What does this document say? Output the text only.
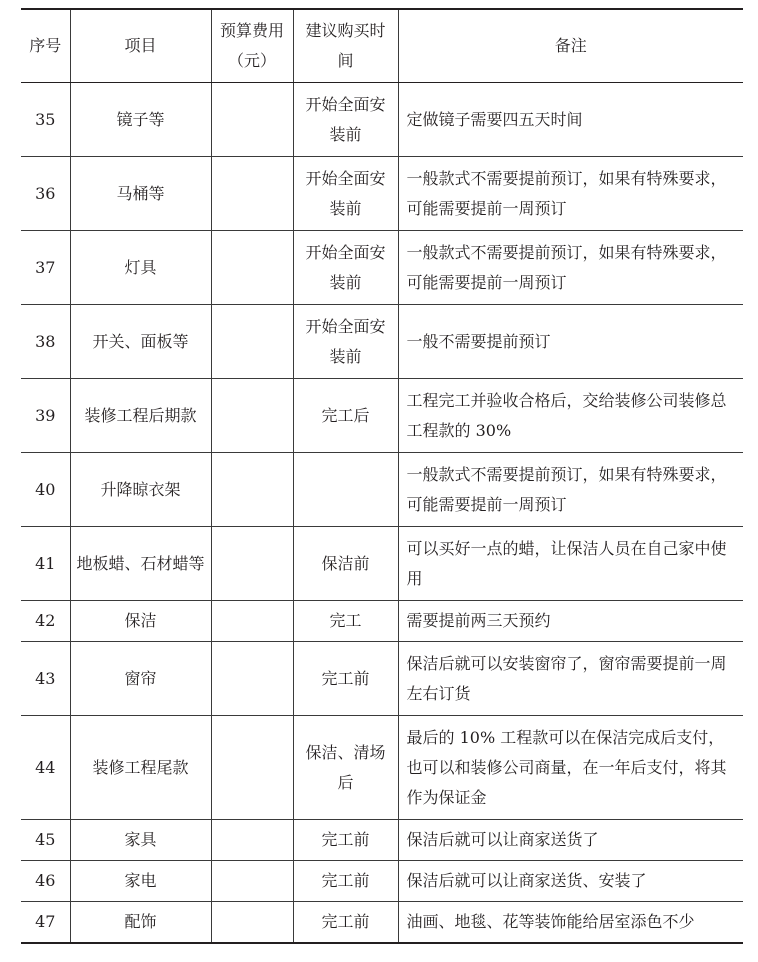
序号	项目	预算费用（元）	建议购买时间	备注
35	镜子等		开始全面安装前	定做镜子需要四五天时间
36	马桶等		开始全面安装前	一般款式不需要提前预订，如果有特殊要求，可能需要提前一周预订
37	灯具		开始全面安装前	一般款式不需要提前预订，如果有特殊要求，可能需要提前一周预订
38	开关、面板等		开始全面安装前	一般不需要提前预订
39	装修工程后期款		完工后	工程完工并验收合格后，交给装修公司装修总工程款的 30%
40	升降晾衣架			一般款式不需要提前预订，如果有特殊要求，可能需要提前一周预订
41	地板蜡、石材蜡等		保洁前	可以买好一点的蜡，让保洁人员在自己家中使用
42	保洁		完工	需要提前两三天预约
43	窗帘		完工前	保洁后就可以安装窗帘了，窗帘需要提前一周左右订货
44	装修工程尾款		保洁、清场后	最后的 10% 工程款可以在保洁完成后支付，也可以和装修公司商量，在一年后支付，将其作为保证金
45	家具		完工前	保洁后就可以让商家送货了
46	家电		完工前	保洁后就可以让商家送货、安装了
47	配饰		完工前	油画、地毯、花等装饰能给居室添色不少
